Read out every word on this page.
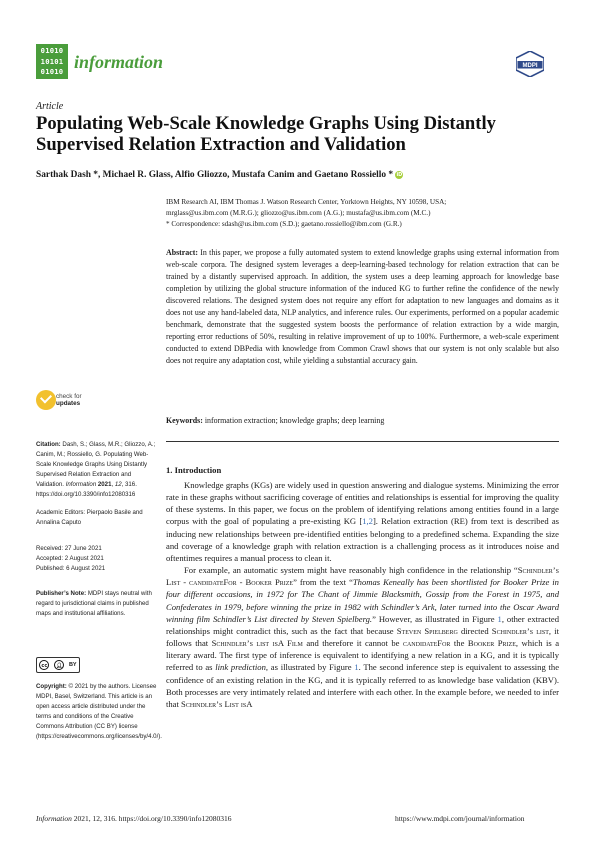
01010
10101
01010 information	MDPI
Article
Populating Web-Scale Knowledge Graphs Using Distantly Supervised Relation Extraction and Validation
Sarthak Dash *, Michael R. Glass, Alfio Gliozzo, Mustafa Canim and Gaetano Rossiello * iD
IBM Research AI, IBM Thomas J. Watson Research Center, Yorktown Heights, NY 10598, USA;
mrglass@us.ibm.com (M.R.G.); gliozzo@us.ibm.com (A.G.); mustafa@us.ibm.com (M.C.)
* Correspondence: sdash@us.ibm.com (S.D.); gaetano.rossiello@ibm.com (G.R.)
Abstract: In this paper, we propose a fully automated system to extend knowledge graphs using external information from web-scale corpora. The designed system leverages a deep-learning-based technology for relation extraction that can be trained by a distantly supervised approach. In addition, the system uses a deep learning approach for knowledge base completion by utilizing the global structure information of the induced KG to further refine the confidence of the newly discovered relations. The designed system does not require any effort for adaptation to new languages and domains as it does not use any hand-labeled data, NLP analytics, and inference rules. Our experiments, performed on a popular academic benchmark, demonstrate that the suggested system boosts the performance of relation extraction by a wide margin, reporting error reductions of 50%, resulting in relative improvement of up to 100%. Furthermore, a web-scale experiment conducted to extend DBPedia with knowledge from Common Crawl shows that our system is not only scalable but also does not require any adaptation cost, while yielding a substantial accuracy gain.
Keywords: information extraction; knowledge graphs; deep learning
1. Introduction

Knowledge graphs (KGs) are widely used in question answering and dialogue systems. Minimizing the error rate in these graphs without sacrificing coverage of entities and relationships is essential for improving the quality of these systems. In this paper, we focus on the problem of identifying relations among entities found in a large corpus with the goal of populating a pre-existing KG [1,2]. Relation extraction (RE) from text is described as inducing new relationships between pre-identified entities belonging to a predefined schema. Expanding the size and coverage of a knowledge graph with relation extraction is a challenging process as it introduces noise and oftentimes requires a manual process to clean it.

For example, an automatic system might have reasonably high confidence in the relationship “Schindler’s List - candidateFor - Booker Prize” from the text “Thomas Keneally has been shortlisted for Booker Prize in four different occasions, in 1972 for The Chant of Jimmie Blacksmith, Gossip from the Forest in 1975, and Confederates in 1979, before winning the prize in 1982 with Schindler’s Ark, later turned into the Oscar Award winning film Schindler’s List directed by Steven Spielberg.” However, as illustrated in Figure 1, other extracted relationships might contradict this, such as the fact that because Steven Spielberg directed Schindler’s list, it follows that Schindler’s list isA Film and therefore it cannot be candidateFor the Booker Prize, which is a literary award. The first type of inference is equivalent to identifying a new relation in a KG, and it is typically referred to as link prediction, as illustrated by Figure 1. The second inference step is equivalent to assessing the confidence of an existing relation in the KG, and it is typically referred to as knowledge base validation (KBV). Both processes are very intimately related and interfere with each other. In the example before, we needed to infer that Schindler’s List isA

check for
updates
Citation: Dash, S.; Glass, M.R.; Gliozzo, A.; Canim, M.; Rossiello, G. Populating Web-Scale Knowledge Graphs Using Distantly Supervised Relation Extraction and Validation. Information 2021, 12, 316. https://doi.org/10.3390/info12080316
Academic Editors: Pierpaolo Basile and Annalina Caputo
Received: 27 June 2021
Accepted: 2 August 2021
Published: 6 August 2021
Publisher’s Note: MDPI stays neutral with regard to jurisdictional claims in published maps and institutional affiliations.
cc	👤︎	BY
Copyright: © 2021 by the authors. Licensee MDPI, Basel, Switzerland. This article is an open access article distributed under the terms and conditions of the Creative Commons Attribution (CC BY) license (https://creativecommons.org/licenses/by/4.0/).
Information 2021, 12, 316. https://doi.org/10.3390/info12080316	https://www.mdpi.com/journal/information
